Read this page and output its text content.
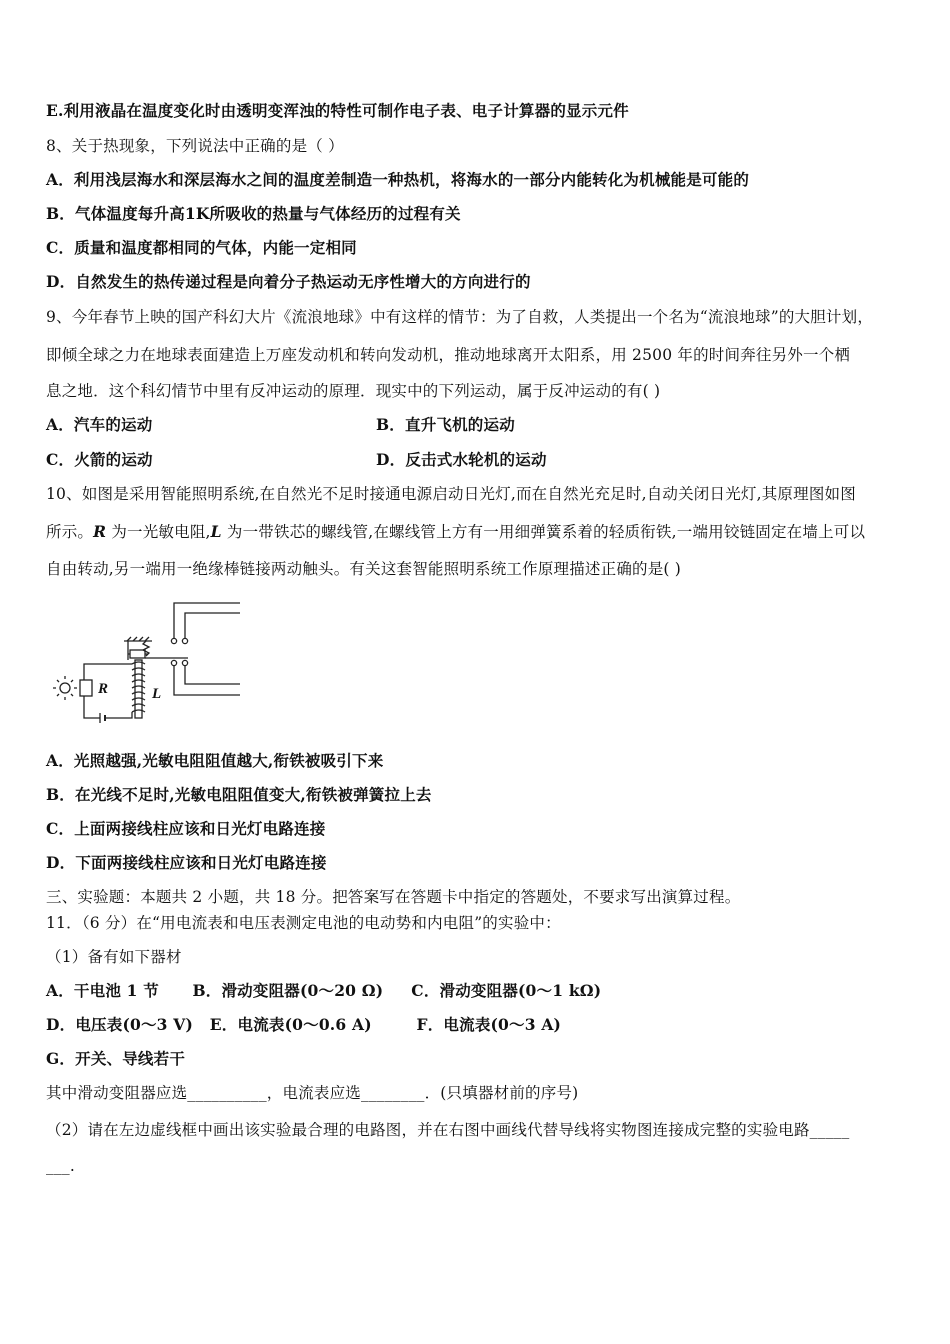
E.利用液晶在温度变化时由透明变浑浊的特性可制作电子表、电子计算器的显示元件
8、关于热现象，下列说法中正确的是（ ）
A．利用浅层海水和深层海水之间的温度差制造一种热机，将海水的一部分内能转化为机械能是可能的
B．气体温度每升高1K所吸收的热量与气体经历的过程有关
C．质量和温度都相同的气体，内能一定相同
D．自然发生的热传递过程是向着分子热运动无序性增大的方向进行的
9、今年春节上映的国产科幻大片《流浪地球》中有这样的情节：为了自救，人类提出一个名为“流浪地球”的大胆计划，
即倾全球之力在地球表面建造上万座发动机和转向发动机，推动地球离开太阳系，用 2500 年的时间奔往另外一个栖
息之地．这个科幻情节中里有反冲运动的原理．现实中的下列运动，属于反冲运动的有( )
A．汽车的运动	B．直升飞机的运动
C．火箭的运动	D．反击式水轮机的运动
10、如图是采用智能照明系统,在自然光不足时接通电源启动日光灯,而在自然光充足时,自动关闭日光灯,其原理图如图
所示。R 为一光敏电阻,L 为一带铁芯的螺线管,在螺线管上方有一用细弹簧系着的轻质衔铁,一端用铰链固定在墙上可以
自由转动,另一端用一绝缘棒链接两动触头。有关这套智能照明系统工作原理描述正确的是( )
R	L
A．光照越强,光敏电阻阻值越大,衔铁被吸引下来
B．在光线不足时,光敏电阻阻值变大,衔铁被弹簧拉上去
C．上面两接线柱应该和日光灯电路连接
D．下面两接线柱应该和日光灯电路连接
三、实验题：本题共 2 小题，共 18 分。把答案写在答题卡中指定的答题处，不要求写出演算过程。
11．（6 分）在“用电流表和电压表测定电池的电动势和内电阻”的实验中：
（1）备有如下器材
A．干电池 1 节      B．滑动变阻器(0～20 Ω)     C．滑动变阻器(0～1 kΩ)
D．电压表(0～3 V)   E．电流表(0～0.6 A)        F．电流表(0～3 A)
G．开关、导线若干
其中滑动变阻器应选__________，电流表应选________．(只填器材前的序号)
（2）请在左边虚线框中画出该实验最合理的电路图，并在右图中画线代替导线将实物图连接成完整的实验电路_____
___.
